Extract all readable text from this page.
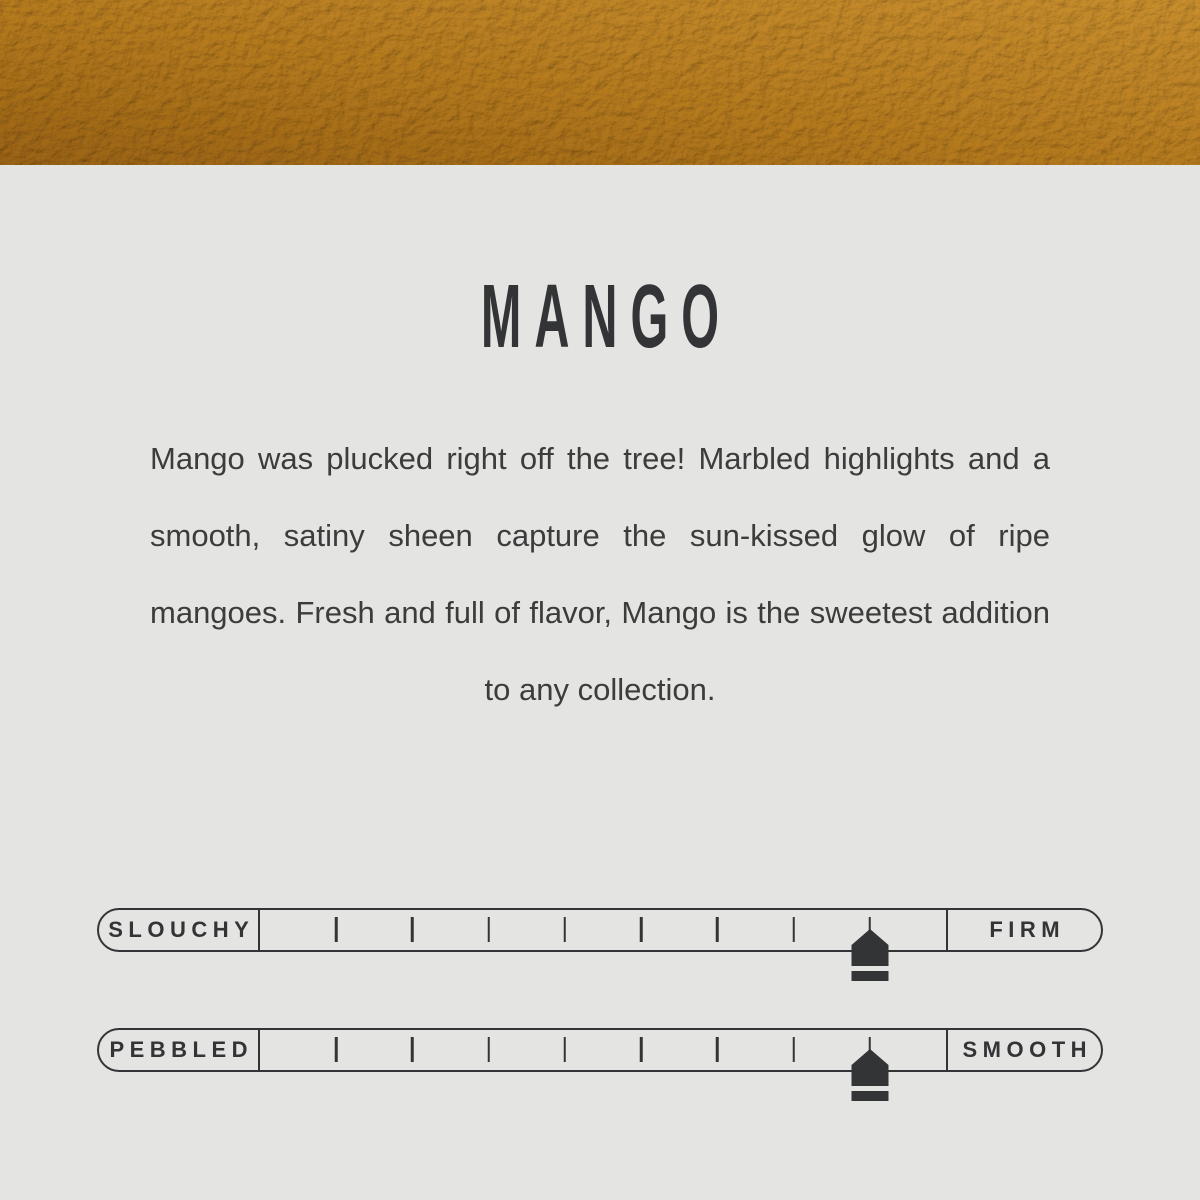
MANGO

Mango was plucked right off the tree! Marbled highlights and a smooth, satiny sheen capture the sun-kissed glow of ripe mangoes. Fresh and full of flavor, Mango is the sweetest addition to any collection.

SLOUCHY	FIRM
PEBBLED	SMOOTH
